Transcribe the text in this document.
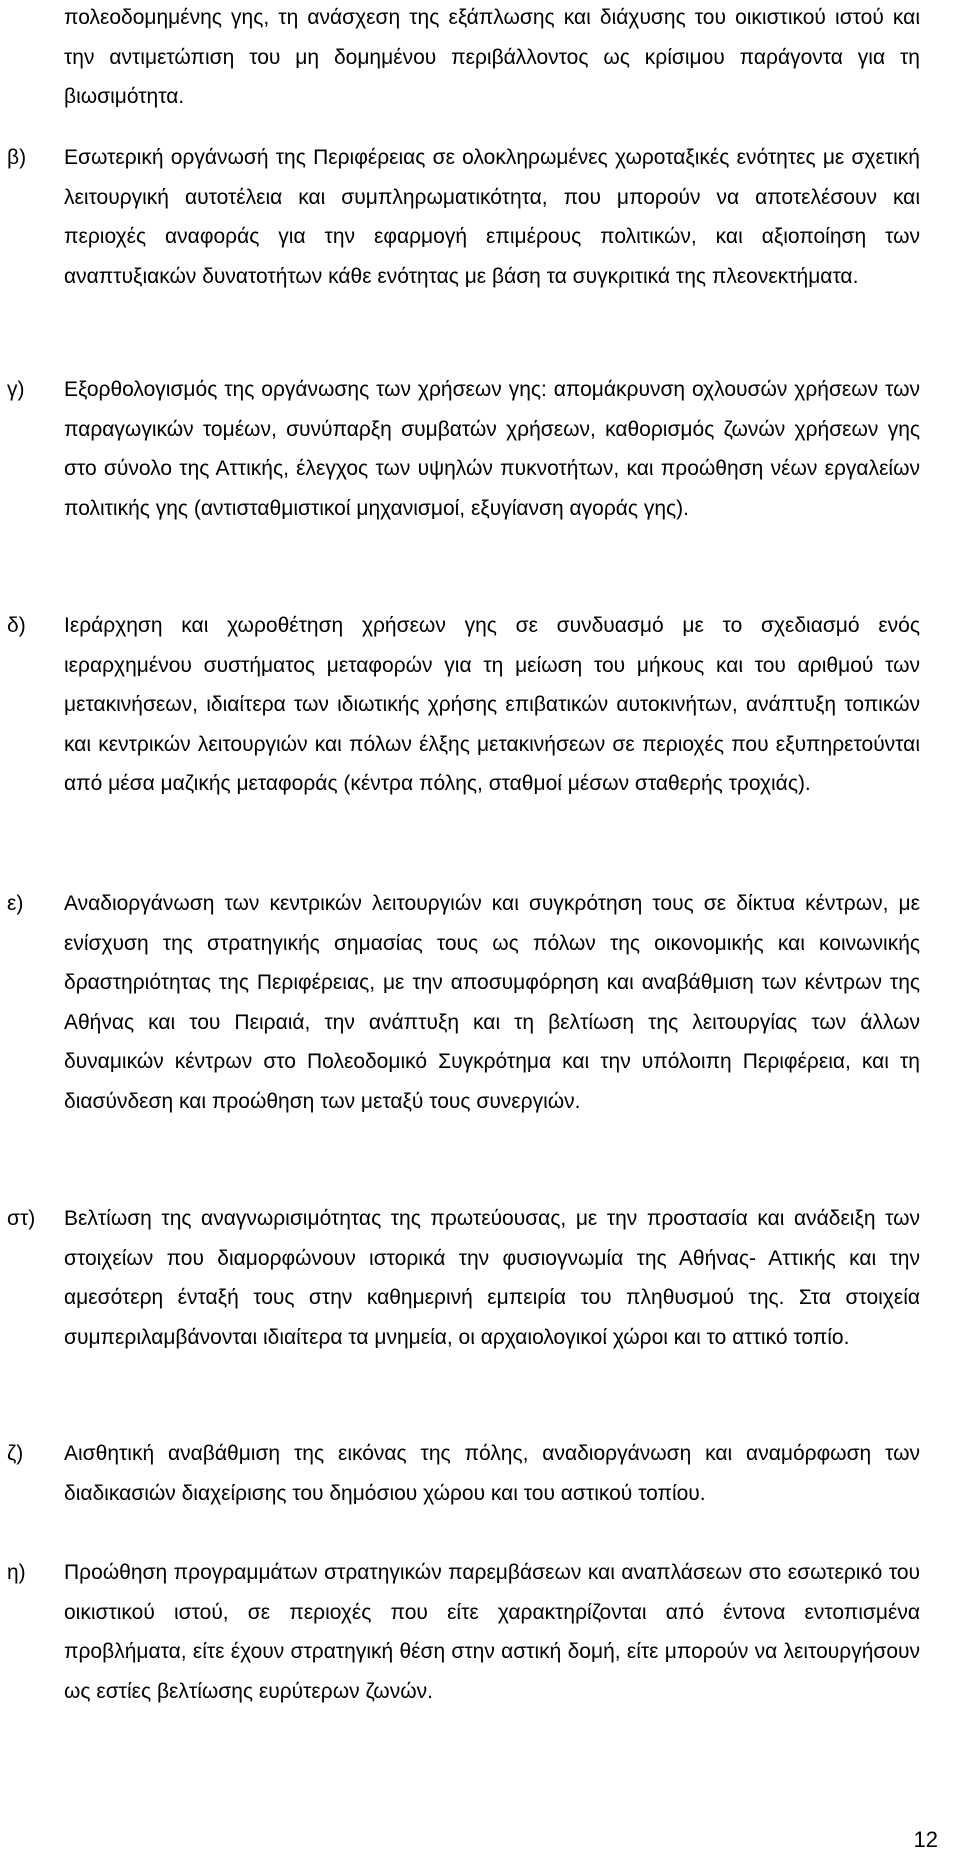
πολεοδομημένης γης, τη ανάσχεση της εξάπλωσης και διάχυσης του οικιστικού ιστού και την αντιμετώπιση του μη δομημένου περιβάλλοντος ως κρίσιμου παράγοντα για τη βιωσιμότητα.

β) Εσωτερική οργάνωσή της Περιφέρειας σε ολοκληρωμένες χωροταξικές ενότητες με σχετική λειτουργική αυτοτέλεια και συμπληρωματικότητα, που μπορούν να αποτελέσουν και περιοχές αναφοράς για την εφαρμογή επιμέρους πολιτικών, και αξιοποίηση των αναπτυξιακών δυνατοτήτων κάθε ενότητας με βάση τα συγκριτικά της πλεονεκτήματα.

γ) Εξορθολογισμός της οργάνωσης των χρήσεων γης: απομάκρυνση οχλουσών χρήσεων των παραγωγικών τομέων, συνύπαρξη συμβατών χρήσεων, καθορισμός ζωνών χρήσεων γης στο σύνολο της Αττικής, έλεγχος των υψηλών πυκνοτήτων, και προώθηση νέων εργαλείων πολιτικής γης (αντισταθμιστικοί μηχανισμοί, εξυγίανση αγοράς γης).

δ) Ιεράρχηση και χωροθέτηση χρήσεων γης σε συνδυασμό με το σχεδιασμό ενός ιεραρχημένου συστήματος μεταφορών για τη μείωση του μήκους και του αριθμού των μετακινήσεων, ιδιαίτερα των ιδιωτικής χρήσης επιβατικών αυτοκινήτων, ανάπτυξη τοπικών και κεντρικών λειτουργιών και πόλων έλξης μετακινήσεων σε περιοχές που εξυπηρετούνται από μέσα μαζικής μεταφοράς (κέντρα πόλης, σταθμοί μέσων σταθερής τροχιάς).

ε) Αναδιοργάνωση των κεντρικών λειτουργιών και συγκρότηση τους σε δίκτυα κέντρων, με ενίσχυση της στρατηγικής σημασίας τους ως πόλων της οικονομικής και κοινωνικής δραστηριότητας της Περιφέρειας, με την αποσυμφόρηση και αναβάθμιση των κέντρων της Αθήνας και του Πειραιά, την ανάπτυξη και τη βελτίωση της λειτουργίας των άλλων δυναμικών κέντρων στο Πολεοδομικό Συγκρότημα και την υπόλοιπη Περιφέρεια, και τη διασύνδεση και προώθηση των μεταξύ τους συνεργιών.

στ) Βελτίωση της αναγνωρισιμότητας της πρωτεύουσας, με την προστασία και ανάδειξη των στοιχείων που διαμορφώνουν ιστορικά την φυσιογνωμία της Αθήνας- Αττικής και την αμεσότερη ένταξή τους στην καθημερινή εμπειρία του πληθυσμού της. Στα στοιχεία συμπεριλαμβάνονται ιδιαίτερα τα μνημεία, οι αρχαιολογικοί χώροι και το αττικό τοπίο.

ζ) Αισθητική αναβάθμιση της εικόνας της πόλης, αναδιοργάνωση και αναμόρφωση των διαδικασιών διαχείρισης του δημόσιου χώρου και του αστικού τοπίου.

η) Προώθηση προγραμμάτων στρατηγικών παρεμβάσεων και αναπλάσεων στο εσωτερικό του οικιστικού ιστού, σε περιοχές που είτε χαρακτηρίζονται από έντονα εντοπισμένα προβλήματα, είτε έχουν στρατηγική θέση στην αστική δομή, είτε μπορούν να λειτουργήσουν ως εστίες βελτίωσης ευρύτερων ζωνών.

12
